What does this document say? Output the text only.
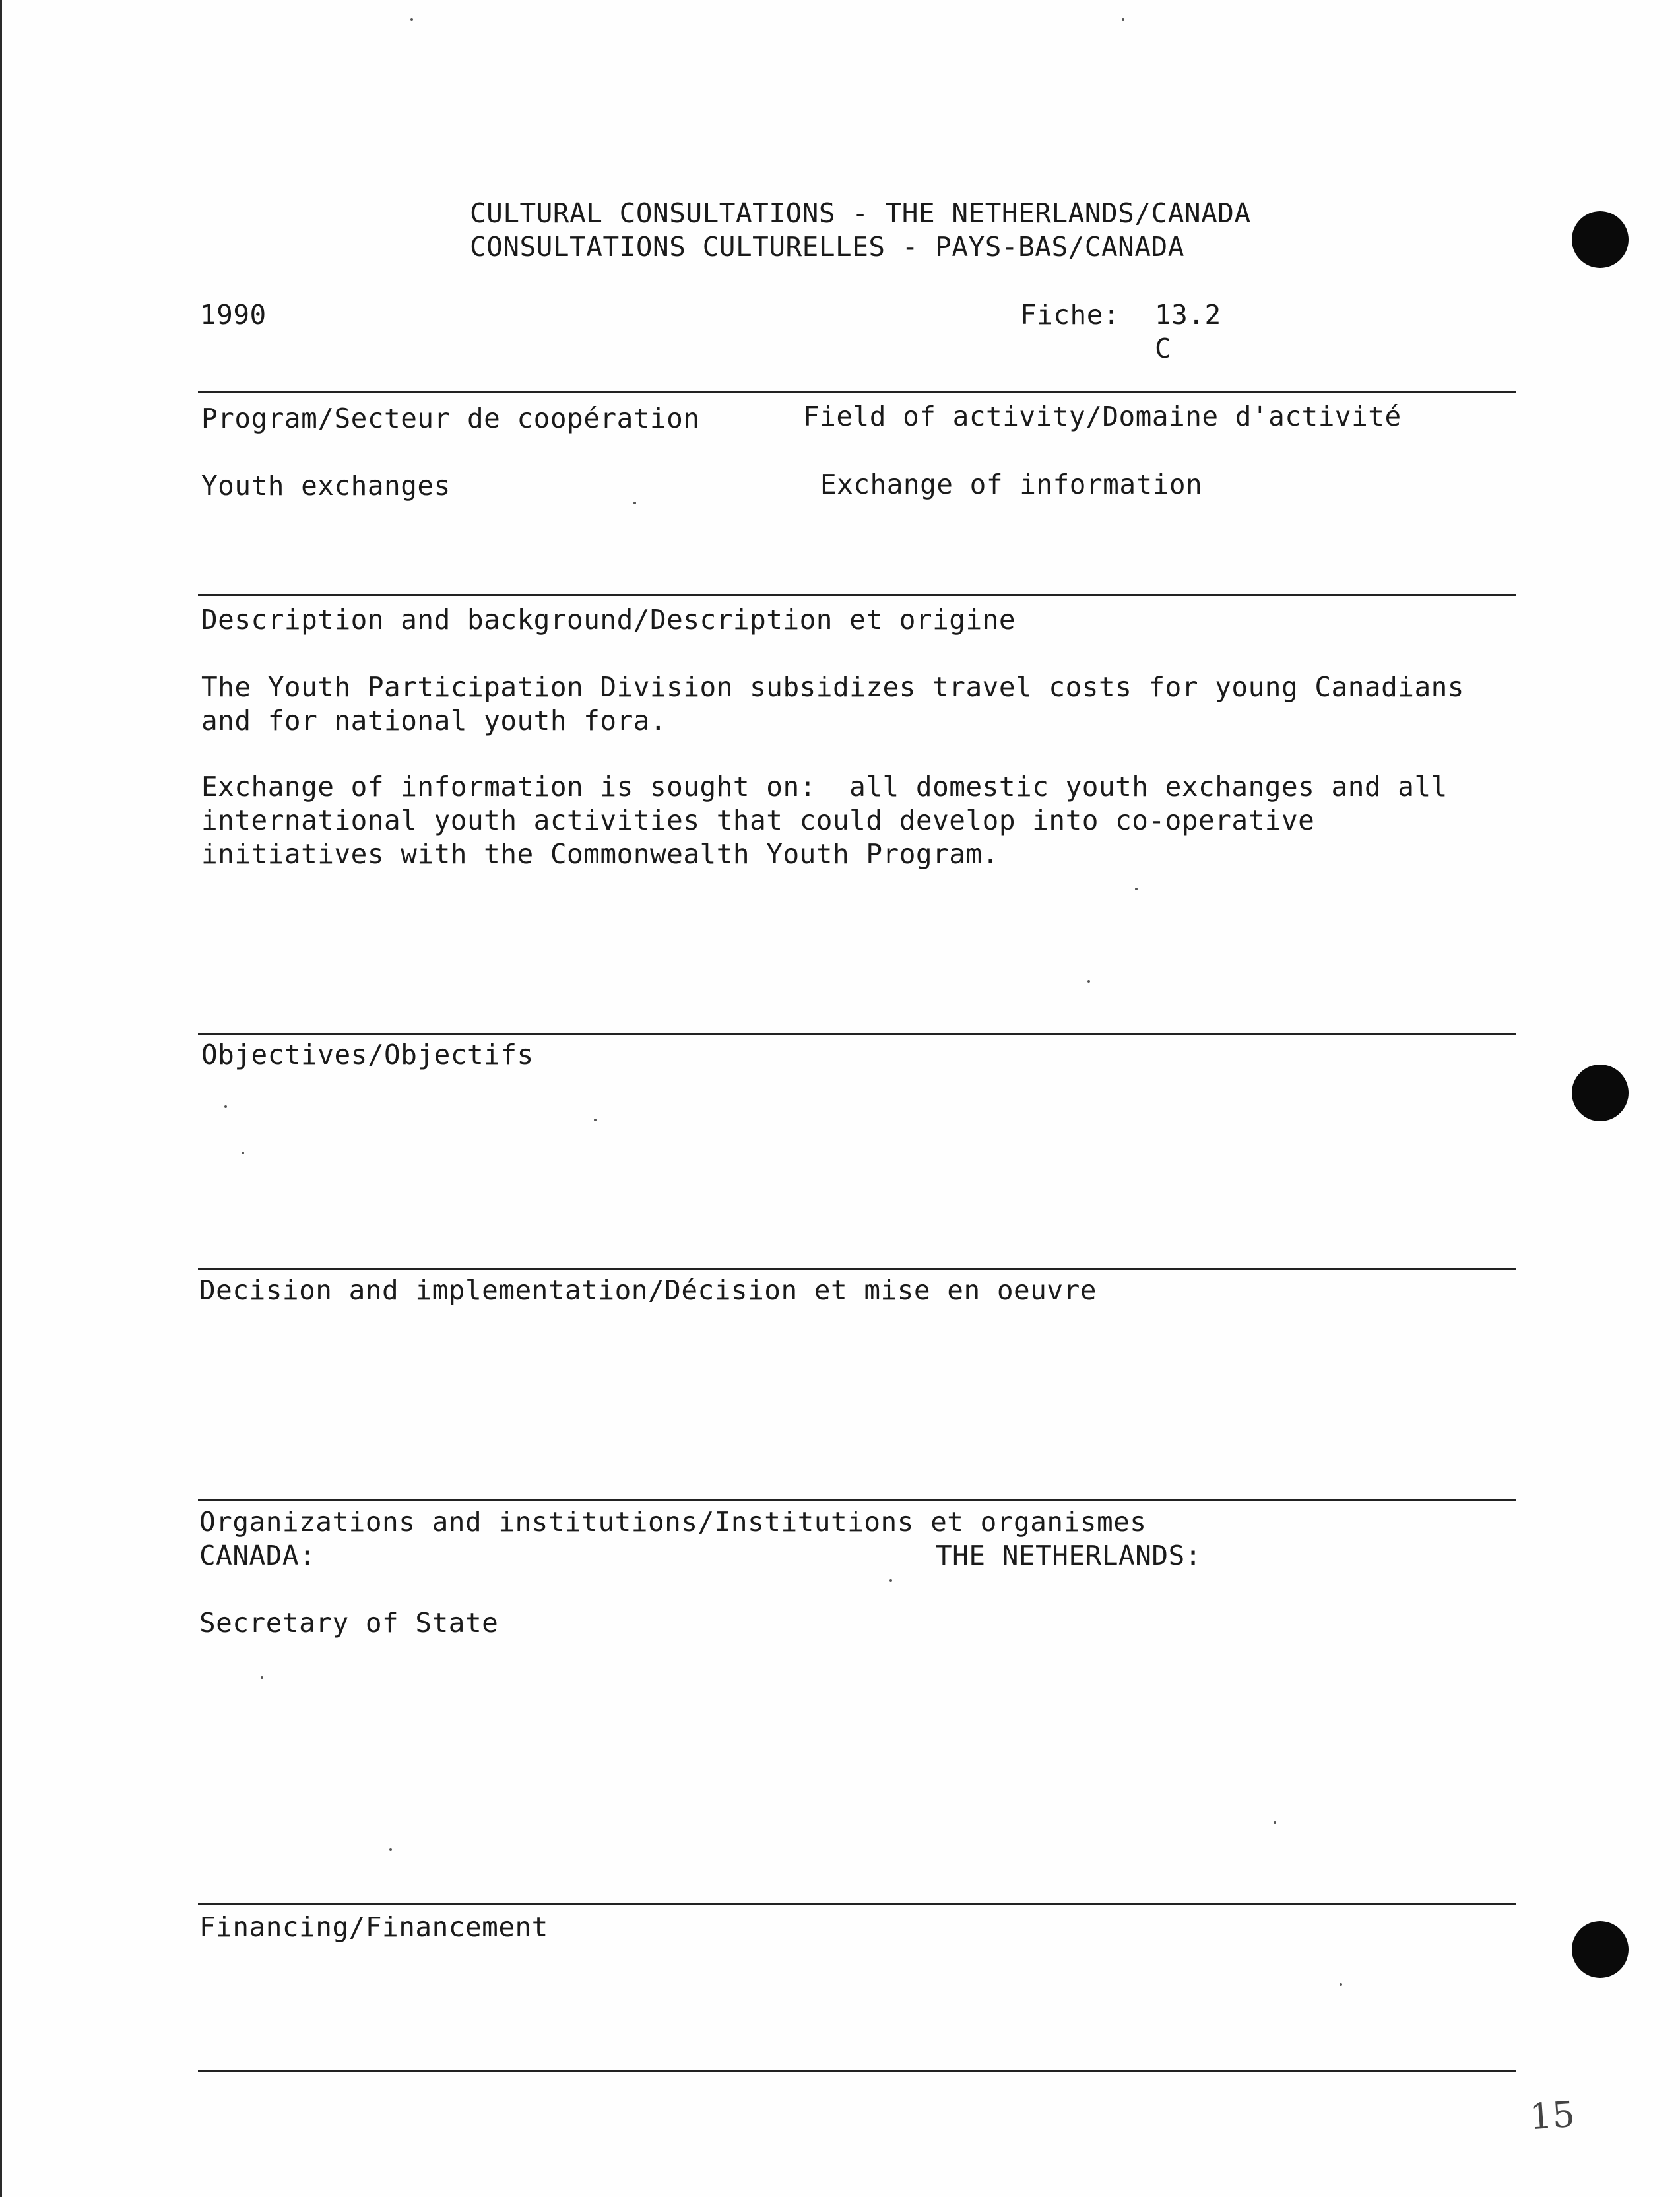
CULTURAL CONSULTATIONS - THE NETHERLANDS/CANADA
CONSULTATIONS CULTURELLES - PAYS-BAS/CANADA
1990	Fiche: 13.2
C
Program/Secteur de coopération	Field of activity/Domaine d'activité
Youth exchanges	Exchange of information
Description and background/Description et origine
The Youth Participation Division subsidizes travel costs for young Canadians
and for national youth fora.
Exchange of information is sought on:  all domestic youth exchanges and all
international youth activities that could develop into co-operative
initiatives with the Commonwealth Youth Program.
Objectives/Objectifs
Decision and implementation/Décision et mise en oeuvre
Organizations and institutions/Institutions et organismes
CANADA:	THE NETHERLANDS:
Secretary of State
Financing/Financement
15
